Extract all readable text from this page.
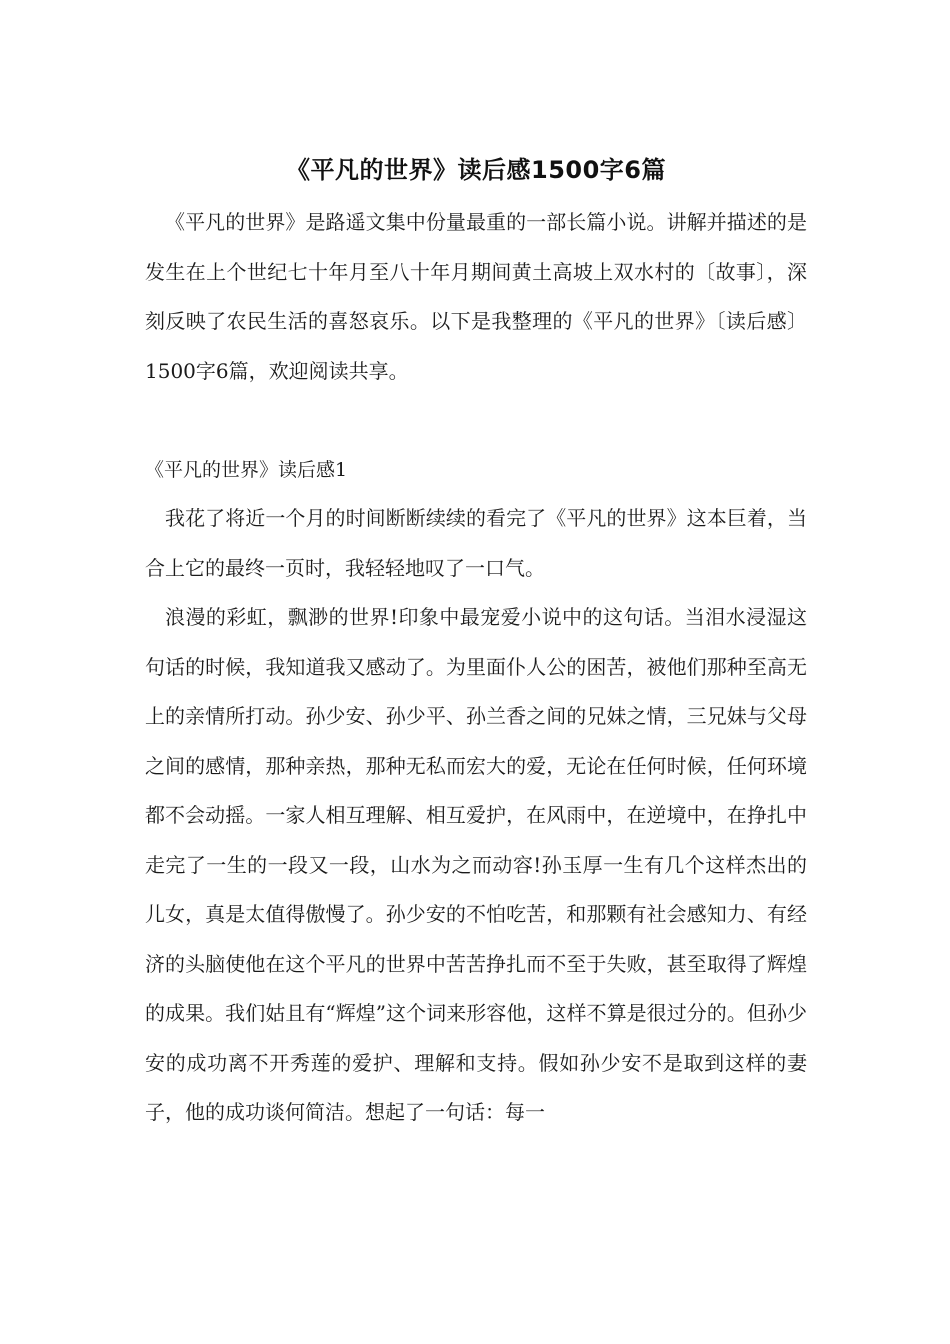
《平凡的世界》读后感1500字6篇

《平凡的世界》是路遥文集中份量最重的一部长篇小说。讲解并描述的是发生在上个世纪七十年月至八十年月期间黄土高坡上双水村的〔故事〕，深刻反映了农民生活的喜怒哀乐。以下是我整理的《平凡的世界》〔读后感〕1500字6篇，欢迎阅读共享。

《平凡的世界》读后感1

我花了将近一个月的时间断断续续的看完了《平凡的世界》这本巨着，当合上它的最终一页时，我轻轻地叹了一口气。

浪漫的彩虹，飘渺的世界!印象中最宠爱小说中的这句话。当泪水浸湿这句话的时候，我知道我又感动了。为里面仆人公的困苦，被他们那种至高无上的亲情所打动。孙少安、孙少平、孙兰香之间的兄妹之情，三兄妹与父母之间的感情，那种亲热，那种无私而宏大的爱，无论在任何时候，任何环境都不会动摇。一家人相互理解、相互爱护，在风雨中，在逆境中，在挣扎中走完了一生的一段又一段，山水为之而动容!孙玉厚一生有几个这样杰出的儿女，真是太值得傲慢了。孙少安的不怕吃苦，和那颗有社会感知力、有经济的头脑使他在这个平凡的世界中苦苦挣扎而不至于失败，甚至取得了辉煌的成果。我们姑且有“辉煌”这个词来形容他，这样不算是很过分的。但孙少安的成功离不开秀莲的爱护、理解和支持。假如孙少安不是取到这样的妻子，他的成功谈何简洁。想起了一句话：每一
